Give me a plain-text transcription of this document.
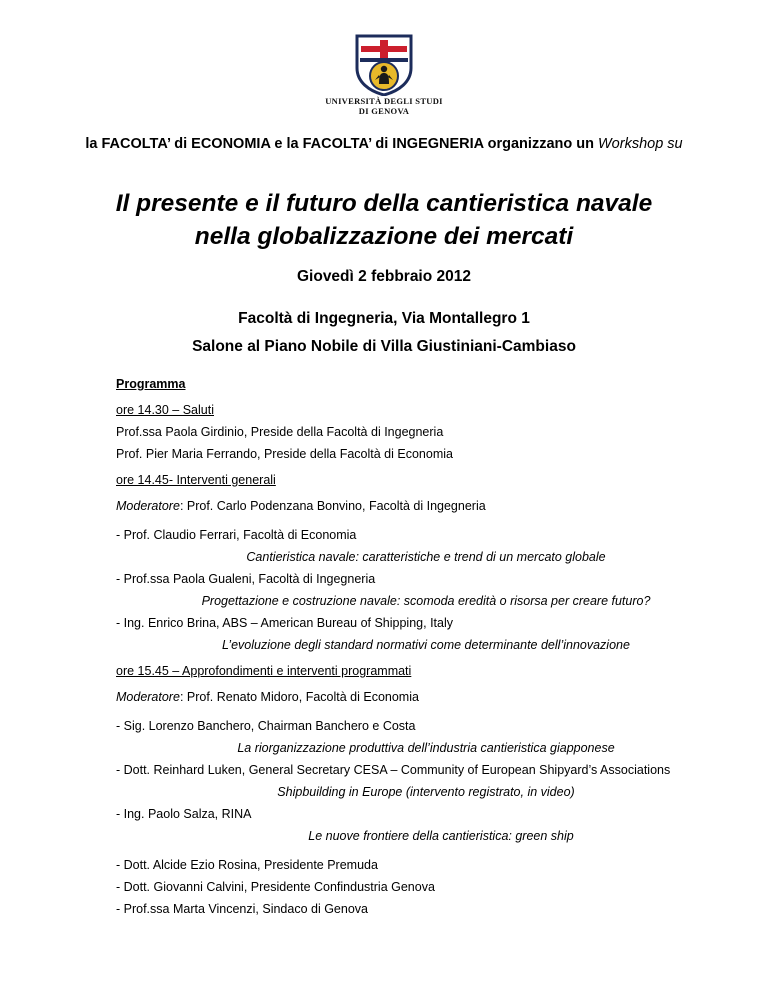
UNIVERSITÀ DEGLI STUDI
DI GENOVA
la FACOLTA’ di ECONOMIA e la FACOLTA’ di INGEGNERIA organizzano un Workshop su
Il presente e il futuro della cantieristica navale
nella globalizzazione dei mercati
Giovedì 2 febbraio 2012
Facoltà di Ingegneria, Via Montallegro 1
Salone al Piano Nobile di Villa Giustiniani-Cambiaso
Programma
ore 14.30 – Saluti
Prof.ssa Paola Girdinio, Preside della Facoltà di Ingegneria
Prof. Pier Maria Ferrando, Preside della Facoltà di Economia
ore 14.45- Interventi generali
Moderatore: Prof. Carlo Podenzana Bonvino, Facoltà di Ingegneria
- Prof. Claudio Ferrari, Facoltà di Economia
Cantieristica navale: caratteristiche e trend di un mercato globale
- Prof.ssa Paola Gualeni, Facoltà di Ingegneria
Progettazione e costruzione navale: scomoda eredità o risorsa per creare futuro?
- Ing. Enrico Brina, ABS – American Bureau of Shipping, Italy
L’evoluzione degli standard normativi come determinante dell’innovazione
ore 15.45 – Approfondimenti e interventi programmati
Moderatore: Prof. Renato Midoro, Facoltà di Economia
- Sig. Lorenzo Banchero, Chairman Banchero e Costa
La riorganizzazione produttiva dell’industria cantieristica giapponese
- Dott. Reinhard Luken, General Secretary CESA – Community of European Shipyard’s Associations
Shipbuilding in Europe (intervento registrato, in video)
- Ing. Paolo Salza, RINA
Le nuove frontiere della cantieristica: green ship
- Dott. Alcide Ezio Rosina, Presidente Premuda
- Dott. Giovanni Calvini, Presidente Confindustria Genova
- Prof.ssa Marta Vincenzi, Sindaco di Genova
